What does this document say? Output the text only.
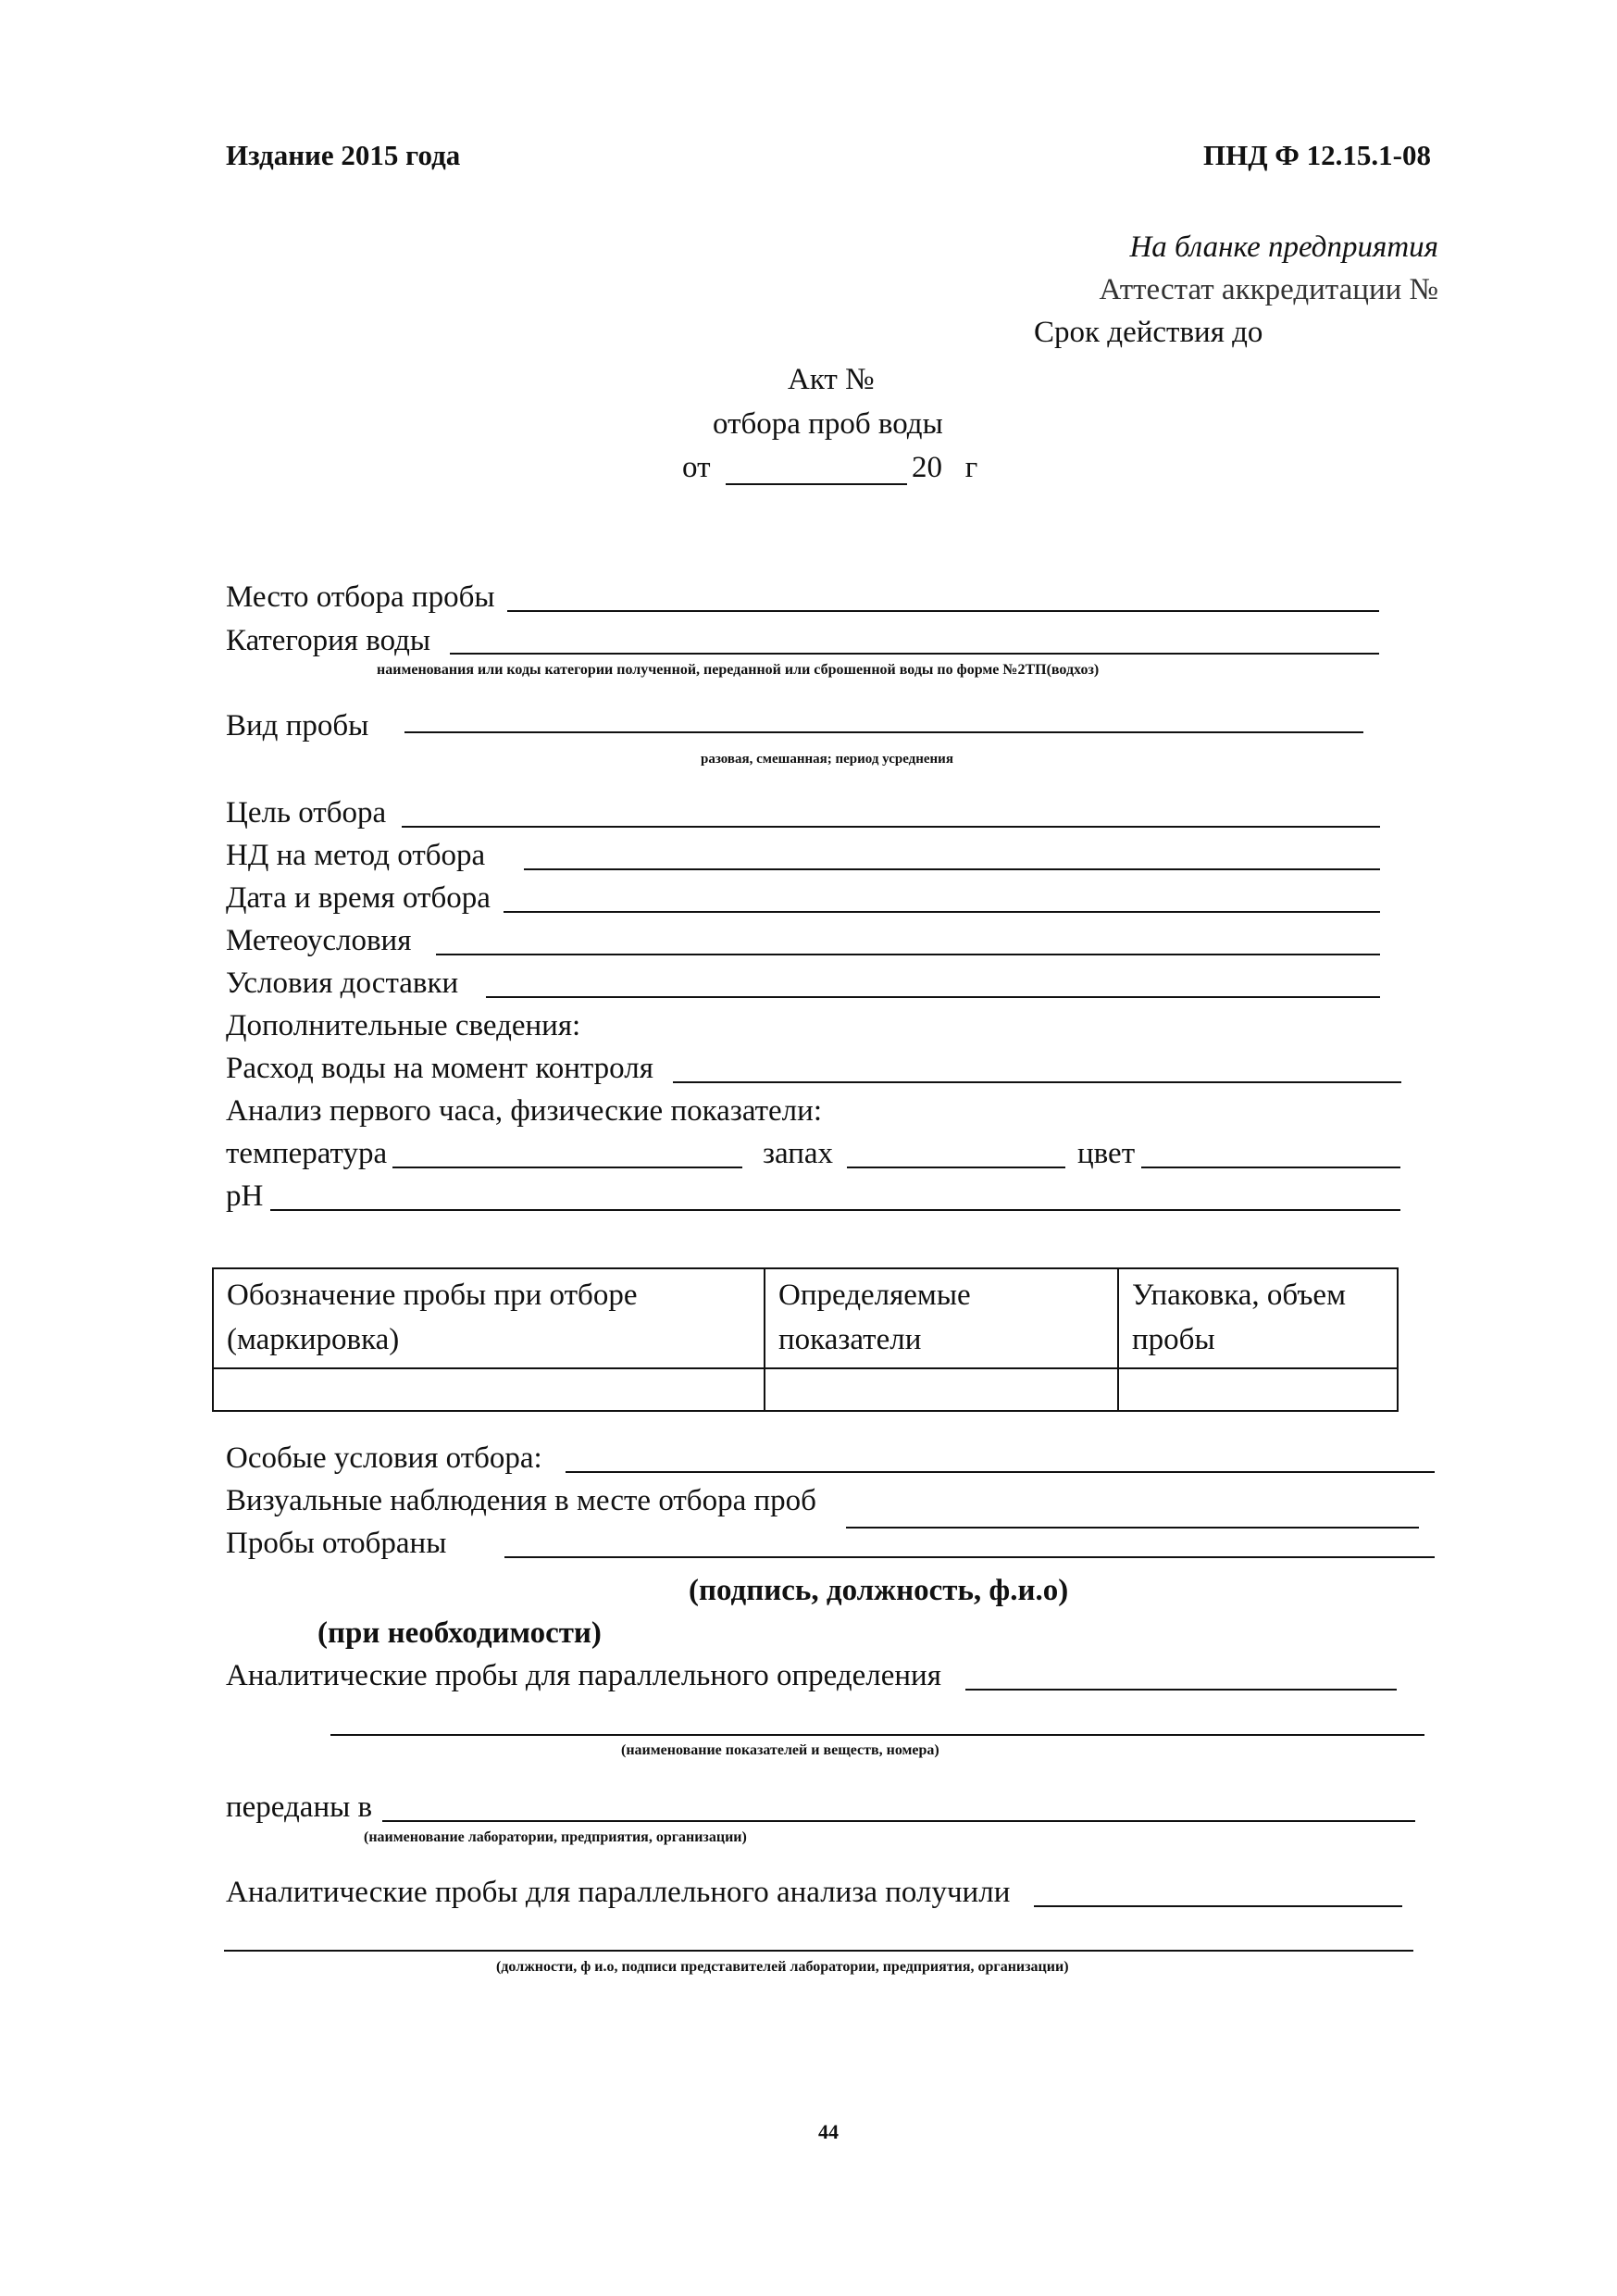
Издание 2015 года	ПНД Ф 12.15.1-08
На бланке предприятия
Аттестат аккредитации №
Срок действия до
Акт №
отбора проб воды
от	20   г
Место отбора пробы
Категория воды
наименования или коды категории полученной, переданной или сброшенной воды по форме №2ТП(водхоз)
Вид пробы
разовая, смешанная; период усреднения
Цель отбора
НД на метод отбора
Дата и время отбора
Метеоусловия
Условия доставки
Дополнительные сведения:
Расход воды на момент контроля
Анализ первого часа, физические показатели:
температура	запах	цвет
pH
Обозначение пробы при отборе (маркировка)	Определяемые показатели	Упаковка, объем пробы

Особые условия отбора:
Визуальные наблюдения в месте отбора проб
Пробы отобраны
(подпись, должность, ф.и.о)
(при необходимости)
Аналитические пробы для параллельного определения
(наименование показателей и веществ, номера)
переданы в
(наименование лаборатории, предприятия, организации)
Аналитические пробы для параллельного анализа получили
(должности, ф и.о, подписи представителей лаборатории, предприятия, организации)
44
